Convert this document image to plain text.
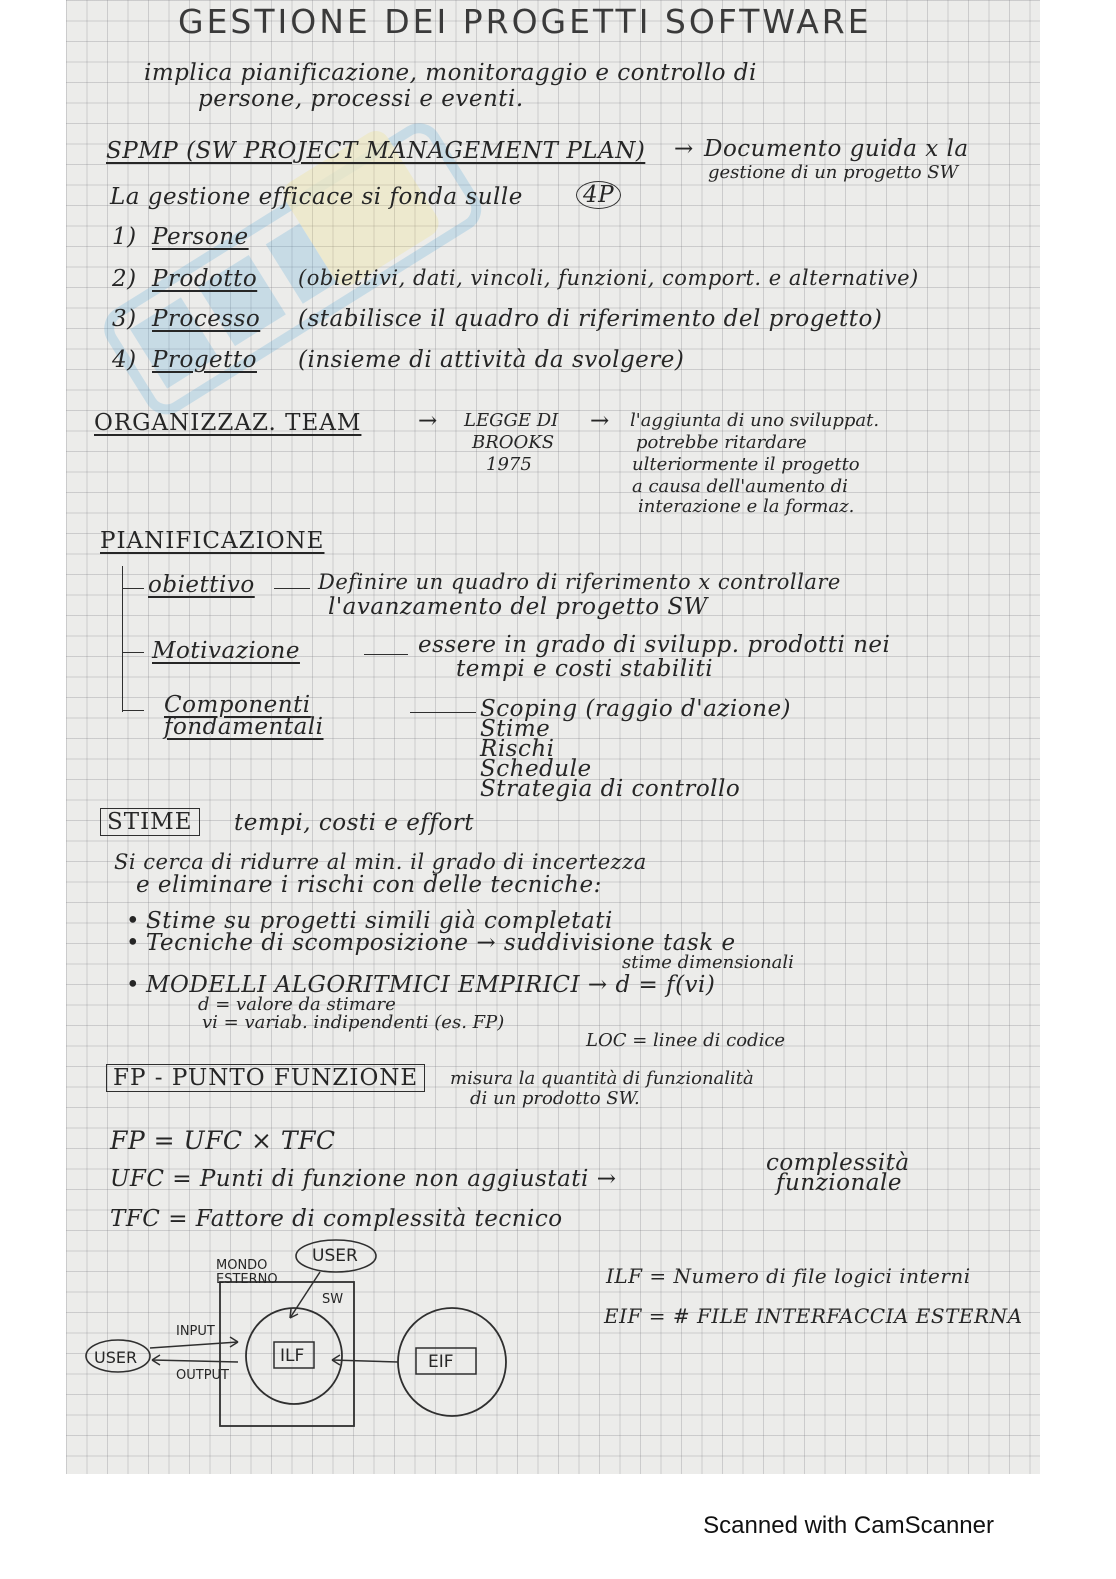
GESTIONE DEI PROGETTI SOFTWARE
implica pianificazione, monitoraggio e controllo di
persone, processi e eventi.
SPMP (SW PROJECT MANAGEMENT PLAN) → Documento guida x la
gestione di un progetto SW
La gestione efficace si fonda sulle	4P
1) Persone
2) Prodotto (obiettivi, dati, vincoli, funzioni, comport. e alternative)
3) Processo (stabilisce il quadro di riferimento del progetto)
4) Progetto (insieme di attività da svolgere)
ORGANIZZAZ. TEAM → LEGGE DI
BROOKS
1975
→ l'aggiunta di uno sviluppat.
potrebbe ritardare
ulteriormente il progetto
a causa dell'aumento di
interazione e la formaz.
PIANIFICAZIONE
obiettivo	Definire un quadro di riferimento x controllare
l'avanzamento del progetto SW
Motivazione	essere in grado di svilupp. prodotti nei
tempi e costi stabiliti
Componenti fondamentali
Scoping (raggio d'azione)
Stime
Rischi
Schedule
Strategia di controllo
STIME	tempi, costi e effort
Si cerca di ridurre al min. il grado di incertezza
e eliminare i rischi con delle tecniche:
• Stime su progetti simili già completati
• Tecniche di scomposizione → suddivisione task e
stime dimensionali
• MODELLI ALGORITMICI EMPIRICI → d = f(vi)
d = valore da stimare
vi = variab. indipendenti (es. FP)
LOC = linee di codice
FP - PUNTO FUNZIONE	misura la quantità di funzionalità
di un prodotto SW.
FP = UFC × TFC
UFC = Punti di funzione non aggiustati →
complessità
funzionale
TFC = Fattore di complessità tecnico
USER
MONDO
ESTERNO
SW
INPUT
OUTPUT
USER	ILF	EIF
ILF = Numero di file logici interni
EIF = # FILE INTERFACCIA ESTERNA
Scanned with CamScanner
